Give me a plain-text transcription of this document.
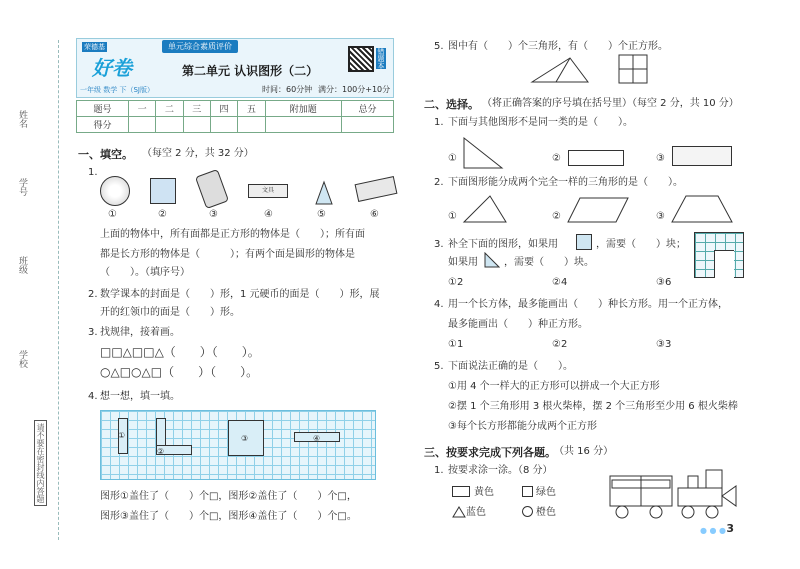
姓名
学号
班级
学校
请不要在密封线内答题
荣德基
好卷
一年级 数学 下（SJ版）
单元综合素质评价
第二单元 认识图形（二）
时间：60分钟 满分：100分+10分
错题本
题号	一	二	三	四	五	附加题	总分
得分							
一、填空。 （每空 2 分，共 32 分）
1.
文具
①	②	③	④	⑤	⑥
上面的物体中，所有面都是正方形的物体是（　　）；所有面
都是长方形的物体是（　　　）；有两个面是圆形的物体是
（　　）。（填序号）
2. 数学课本的封面是（　　）形，1 元硬币的面是（　　）形，展
开的红领巾的面是（　　）形。
3. 找规律，接着画。
□□△□□△（　　）（　　）。
○△□○△□（　　）（　　）。
4. 想一想，填一填。
①
②
③	④
图形①盖住了（　　）个□，图形②盖住了（　　）个□，
图形③盖住了（　　）个□，图形④盖住了（　　）个□。
5. 图中有（　　）个三角形，有（　　）个正方形。
二、选择。 （将正确答案的序号填在括号里）（每空 2 分，共 10 分）
1. 下面与其他图形不是同一类的是（　　）。
①	②	③
2. 下面图形能分成两个完全一样的三角形的是（　　）。
①	②	③
3. 补全下面的图形，如果用	，需要（　　）块；
如果用	，需要（　　）块。
①2	②4	③6
4. 用一个长方体，最多能画出（　　）种长方形。用一个正方体，
最多能画出（　　）种正方形。
①1	②2	③3
5. 下面说法正确的是（　　）。
①用 4 个一样大的正方形可以拼成一个大正方形
②摆 1 个三角形用 3 根火柴棒，摆 2 个三角形至少用 6 根火柴棒
③每个长方形都能分成两个正方形
三、按要求完成下列各题。
（共 16 分）
1. 按要求涂一涂。（8 分）
黄色	绿色
蓝色	橙色
● ● ● 3
